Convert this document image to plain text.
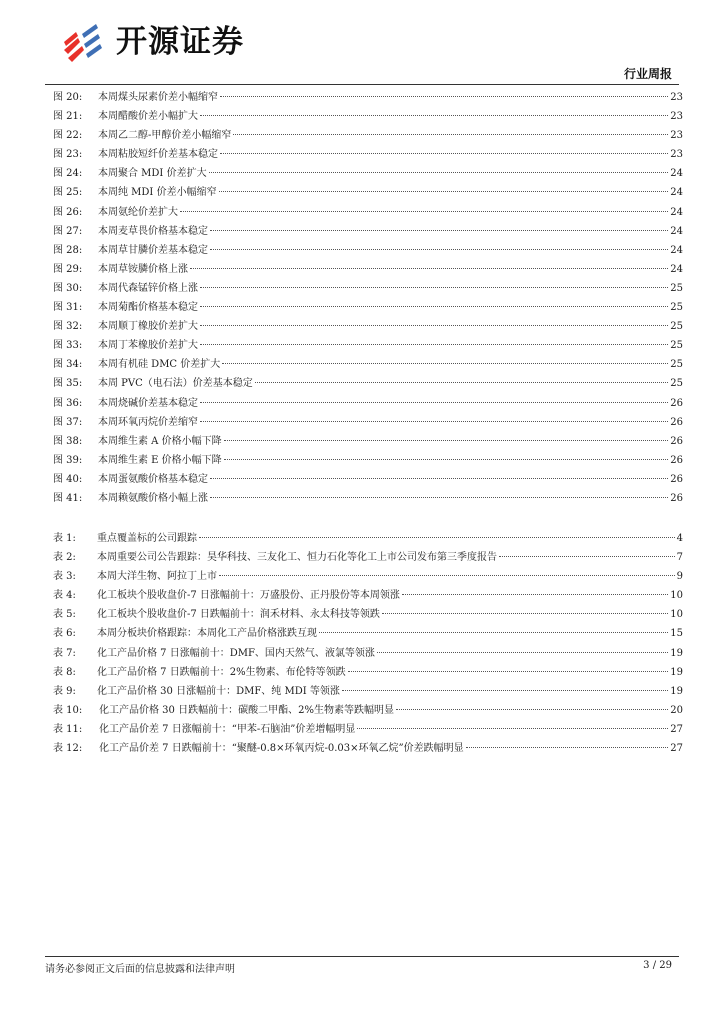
开源证券
行业周报
图 20:	本周煤头尿素价差小幅缩窄	23
图 21:	本周醋酸价差小幅扩大	23
图 22:	本周乙二醇-甲醇价差小幅缩窄	23
图 23:	本周粘胶短纤价差基本稳定	23
图 24:	本周聚合 MDI 价差扩大	24
图 25:	本周纯 MDI 价差小幅缩窄	24
图 26:	本周氨纶价差扩大	24
图 27:	本周麦草畏价格基本稳定	24
图 28:	本周草甘膦价差基本稳定	24
图 29:	本周草铵膦价格上涨	24
图 30:	本周代森锰锌价格上涨	25
图 31:	本周菊酯价格基本稳定	25
图 32:	本周顺丁橡胶价差扩大	25
图 33:	本周丁苯橡胶价差扩大	25
图 34:	本周有机硅 DMC 价差扩大	25
图 35:	本周 PVC（电石法）价差基本稳定	25
图 36:	本周烧碱价差基本稳定	26
图 37:	本周环氧丙烷价差缩窄	26
图 38:	本周维生素 A 价格小幅下降	26
图 39:	本周维生素 E 价格小幅下降	26
图 40:	本周蛋氨酸价格基本稳定	26
图 41:	本周赖氨酸价格小幅上涨	26
表 1:	重点覆盖标的公司跟踪	4
表 2:	本周重要公司公告跟踪：昊华科技、三友化工、恒力石化等化工上市公司发布第三季度报告	7
表 3:	本周大洋生物、阿拉丁上市	9
表 4:	化工板块个股收盘价-7 日涨幅前十：万盛股份、正丹股份等本周领涨	10
表 5:	化工板块个股收盘价-7 日跌幅前十：润禾材料、永太科技等领跌	10
表 6:	本周分板块价格跟踪：本周化工产品价格涨跌互现	15
表 7:	化工产品价格 7 日涨幅前十：DMF、国内天然气、液氯等领涨	19
表 8:	化工产品价格 7 日跌幅前十：2%生物素、布伦特等领跌	19
表 9:	化工产品价格 30 日涨幅前十：DMF、纯 MDI 等领涨	19
表 10:	化工产品价格 30 日跌幅前十：碳酸二甲酯、2%生物素等跌幅明显	20
表 11:	化工产品价差 7 日涨幅前十：“甲苯-石脑油”价差增幅明显	27
表 12:	化工产品价差 7 日跌幅前十：“聚醚-0.8×环氧丙烷-0.03×环氧乙烷”价差跌幅明显	27
请务必参阅正文后面的信息披露和法律声明	3 / 29
